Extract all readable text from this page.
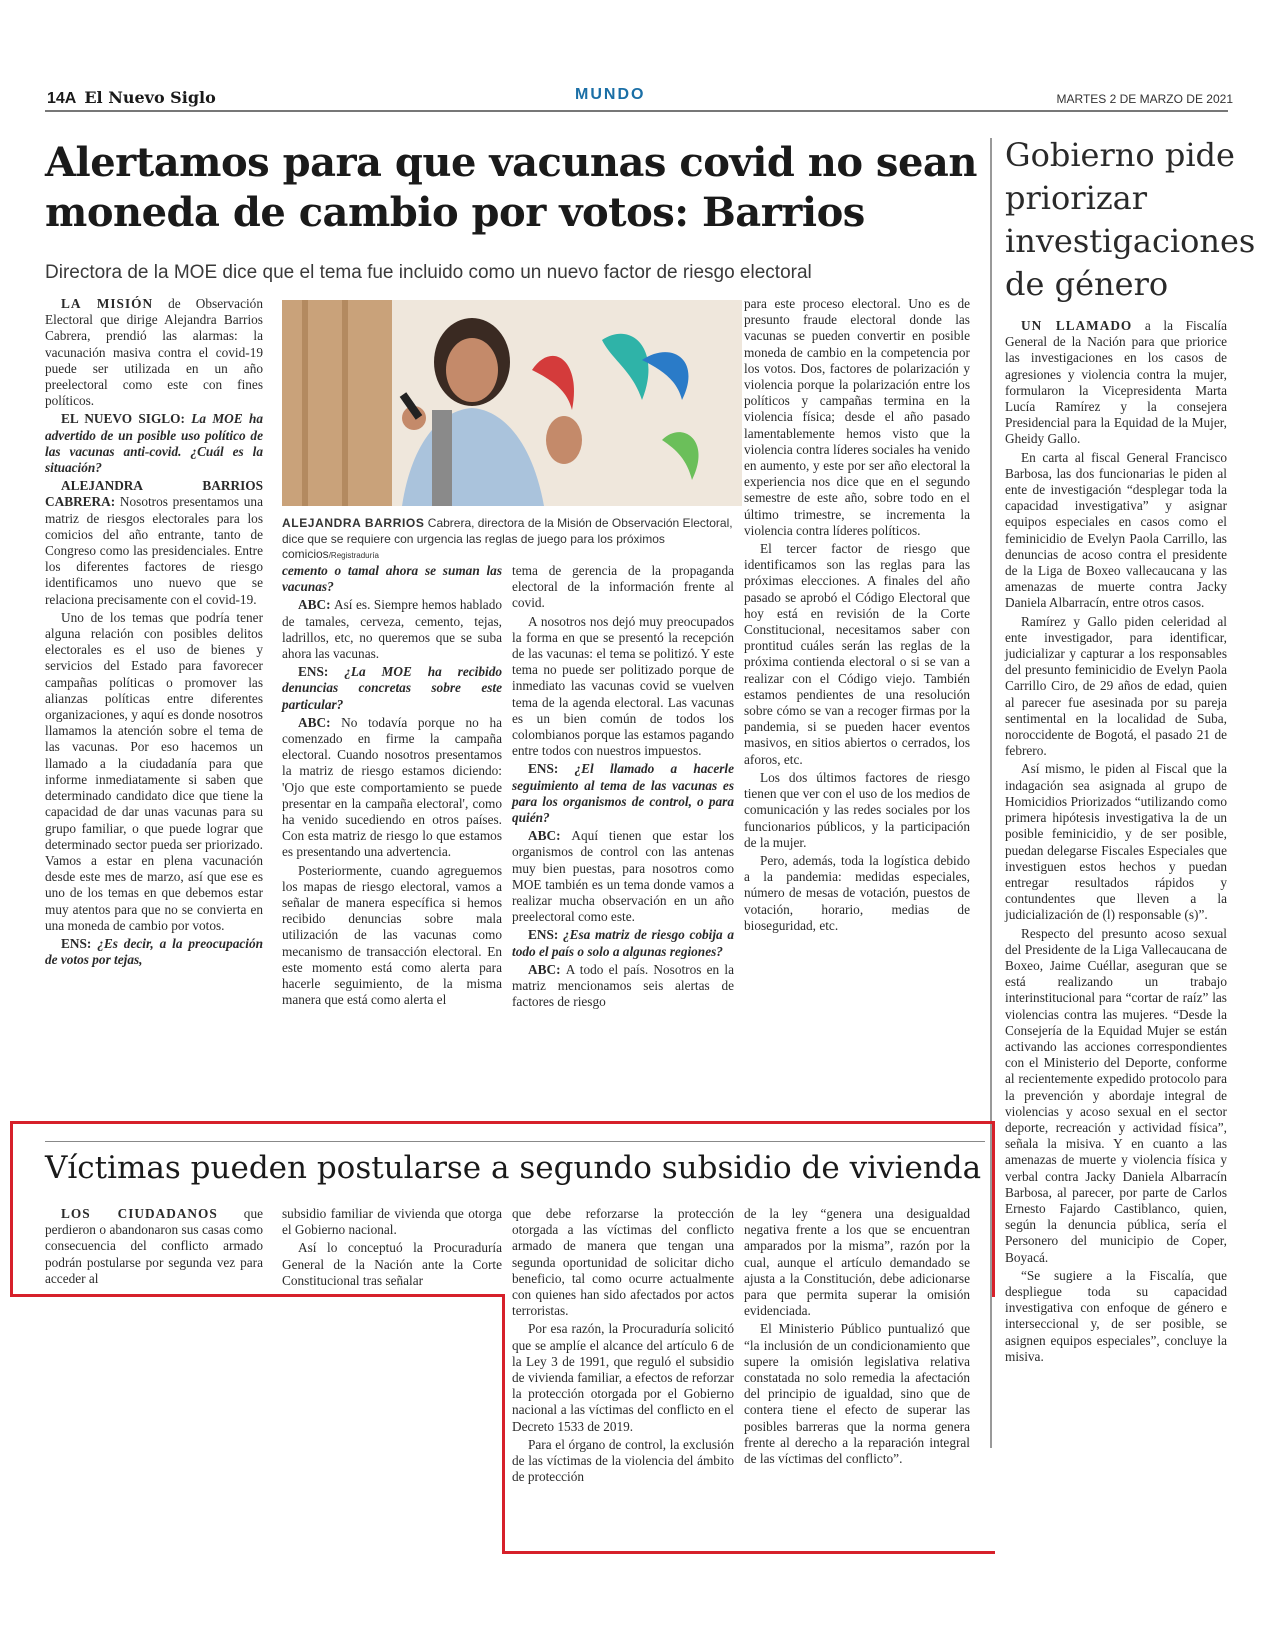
14A El Nuevo Siglo	MUNDO	MARTES 2 DE MARZO DE 2021
Alertamos para que vacunas covid no sean moneda de cambio por votos: Barrios
Directora de la MOE dice que el tema fue incluido como un nuevo factor de riesgo electoral

LA MISIÓN de Observación Electoral que dirige Alejandra Barrios Cabrera, prendió las alarmas: la vacunación masiva contra el covid-19 puede ser utilizada en un año preelectoral como este con fines políticos.

EL NUEVO SIGLO: La MOE ha advertido de un posible uso político de las vacunas anti-covid. ¿Cuál es la situación?

ALEJANDRA BARRIOS CABRERA: Nosotros presentamos una matriz de riesgos electorales para los comicios del año entrante, tanto de Congreso como las presidenciales. Entre los diferentes factores de riesgo identificamos uno nuevo que se relaciona precisamente con el covid-19.

Uno de los temas que podría tener alguna relación con posibles delitos electorales es el uso de bienes y servicios del Estado para favorecer campañas políticas o promover las alianzas políticas entre diferentes organizaciones, y aquí es donde nosotros llamamos la atención sobre el tema de las vacunas. Por eso hacemos un llamado a la ciudadanía para que informe inmediatamente si saben que determinado candidato dice que tiene la capacidad de dar unas vacunas para su grupo familiar, o que puede lograr que determinado sector pueda ser priorizado. Vamos a estar en plena vacunación desde este mes de marzo, así que ese es uno de los temas en que debemos estar muy atentos para que no se convierta en una moneda de cambio por votos.

ENS: ¿Es decir, a la preocupación de votos por tejas,

ALEJANDRA BARRIOS Cabrera, directora de la Misión de Observación Electoral, dice que se requiere con urgencia las reglas de juego para los próximos comicios/Registraduría

cemento o tamal ahora se suman las vacunas?

ABC: Así es. Siempre hemos hablado de tamales, cerveza, cemento, tejas, ladrillos, etc, no queremos que se suba ahora las vacunas.

ENS: ¿La MOE ha recibido denuncias concretas sobre este particular?

ABC: No todavía porque no ha comenzado en firme la campaña electoral. Cuando nosotros presentamos la matriz de riesgo estamos diciendo: 'Ojo que este comportamiento se puede presentar en la campaña electoral', como ha venido sucediendo en otros países. Con esta matriz de riesgo lo que estamos es presentando una advertencia.

Posteriormente, cuando agreguemos los mapas de riesgo electoral, vamos a señalar de manera específica si hemos recibido denuncias sobre mala utilización de las vacunas como mecanismo de transacción electoral. En este momento está como alerta para hacerle seguimiento, de la misma manera que está como alerta el

tema de gerencia de la propaganda electoral de la información frente al covid.

A nosotros nos dejó muy preocupados la forma en que se presentó la recepción de las vacunas: el tema se politizó. Y este tema no puede ser politizado porque de inmediato las vacunas covid se vuelven tema de la agenda electoral. Las vacunas es un bien común de todos los colombianos porque las estamos pagando entre todos con nuestros impuestos.

ENS: ¿El llamado a hacerle seguimiento al tema de las vacunas es para los organismos de control, o para quién?

ABC: Aquí tienen que estar los organismos de control con las antenas muy bien puestas, para nosotros como MOE también es un tema donde vamos a realizar mucha observación en un año preelectoral como este.

ENS: ¿Esa matriz de riesgo cobija a todo el país o solo a algunas regiones?

ABC: A todo el país. Nosotros en la matriz mencionamos seis alertas de factores de riesgo

para este proceso electoral. Uno es de presunto fraude electoral donde las vacunas se pueden convertir en posible moneda de cambio en la competencia por los votos. Dos, factores de polarización y violencia porque la polarización entre los políticos y campañas termina en la violencia física; desde el año pasado lamentablemente hemos visto que la violencia contra líderes sociales ha venido en aumento, y este por ser año electoral la experiencia nos dice que en el segundo semestre de este año, sobre todo en el último trimestre, se incrementa la violencia contra líderes políticos.

El tercer factor de riesgo que identificamos son las reglas para las próximas elecciones. A finales del año pasado se aprobó el Código Electoral que hoy está en revisión de la Corte Constitucional, necesitamos saber con prontitud cuáles serán las reglas de la próxima contienda electoral o si se van a realizar con el Código viejo. También estamos pendientes de una resolución sobre cómo se van a recoger firmas por la pandemia, si se pueden hacer eventos masivos, en sitios abiertos o cerrados, los aforos, etc.

Los dos últimos factores de riesgo tienen que ver con el uso de los medios de comunicación y las redes sociales por los funcionarios públicos, y la participación de la mujer.

Pero, además, toda la logística debido a la pandemia: medidas especiales, número de mesas de votación, puestos de votación, horario, medias de bioseguridad, etc.

Gobierno pide priorizar investigaciones de género

UN LLAMADO a la Fiscalía General de la Nación para que priorice las investigaciones en los casos de agresiones y violencia contra la mujer, formularon la Vicepresidenta Marta Lucía Ramírez y la consejera Presidencial para la Equidad de la Mujer, Gheidy Gallo.

En carta al fiscal General Francisco Barbosa, las dos funcionarias le piden al ente de investigación “desplegar toda la capacidad investigativa” y asignar equipos especiales en casos como el feminicidio de Evelyn Paola Carrillo, las denuncias de acoso contra el presidente de la Liga de Boxeo vallecaucana y las amenazas de muerte contra Jacky Daniela Albarracín, entre otros casos.

Ramírez y Gallo piden celeridad al ente investigador, para identificar, judicializar y capturar a los responsables del presunto feminicidio de Evelyn Paola Carrillo Ciro, de 29 años de edad, quien al parecer fue asesinada por su pareja sentimental en la localidad de Suba, noroccidente de Bogotá, el pasado 21 de febrero.

Así mismo, le piden al Fiscal que la indagación sea asignada al grupo de Homicidios Priorizados “utilizando como primera hipótesis investigativa la de un posible feminicidio, y de ser posible, puedan delegarse Fiscales Especiales que investiguen estos hechos y puedan entregar resultados rápidos y contundentes que lleven a la judicialización de (l) responsable (s)”.

Respecto del presunto acoso sexual del Presidente de la Liga Vallecaucana de Boxeo, Jaime Cuéllar, aseguran que se está realizando un trabajo interinstitucional para “cortar de raíz” las violencias contra las mujeres. “Desde la Consejería de la Equidad Mujer se están activando las acciones correspondientes con el Ministerio del Deporte, conforme al recientemente expedido protocolo para la prevención y abordaje integral de violencias y acoso sexual en el sector deporte, recreación y actividad física”, señala la misiva. Y en cuanto a las amenazas de muerte y violencia física y verbal contra Jacky Daniela Albarracín Barbosa, al parecer, por parte de Carlos Ernesto Fajardo Castiblanco, quien, según la denuncia pública, sería el Personero del municipio de Coper, Boyacá.

“Se sugiere a la Fiscalía, que despliegue toda su capacidad investigativa con enfoque de género e interseccional y, de ser posible, se asignen equipos especiales”, concluye la misiva.

Víctimas pueden postularse a segundo subsidio de vivienda

LOS CIUDADANOS que perdieron o abandonaron sus casas como consecuencia del conflicto armado podrán postularse por segunda vez para acceder al

subsidio familiar de vivienda que otorga el Gobierno nacional.

Así lo conceptuó la Procuraduría General de la Nación ante la Corte Constitucional tras señalar

que debe reforzarse la protección otorgada a las víctimas del conflicto armado de manera que tengan una segunda oportunidad de solicitar dicho beneficio, tal como ocurre actualmente con quienes han sido afectados por actos terroristas.

Por esa razón, la Procuraduría solicitó que se amplíe el alcance del artículo 6 de la Ley 3 de 1991, que reguló el subsidio de vivienda familiar, a efectos de reforzar la protección otorgada por el Gobierno nacional a las víctimas del conflicto en el Decreto 1533 de 2019.

Para el órgano de control, la exclusión de las víctimas de la violencia del ámbito de protección

de la ley “genera una desigualdad negativa frente a los que se encuentran amparados por la misma”, razón por la cual, aunque el artículo demandado se ajusta a la Constitución, debe adicionarse para que permita superar la omisión evidenciada.

El Ministerio Público puntualizó que “la inclusión de un condicionamiento que supere la omisión legislativa relativa constatada no solo remedia la afectación del principio de igualdad, sino que de contera tiene el efecto de superar las posibles barreras que la norma genera frente al derecho a la reparación integral de las víctimas del conflicto”.
